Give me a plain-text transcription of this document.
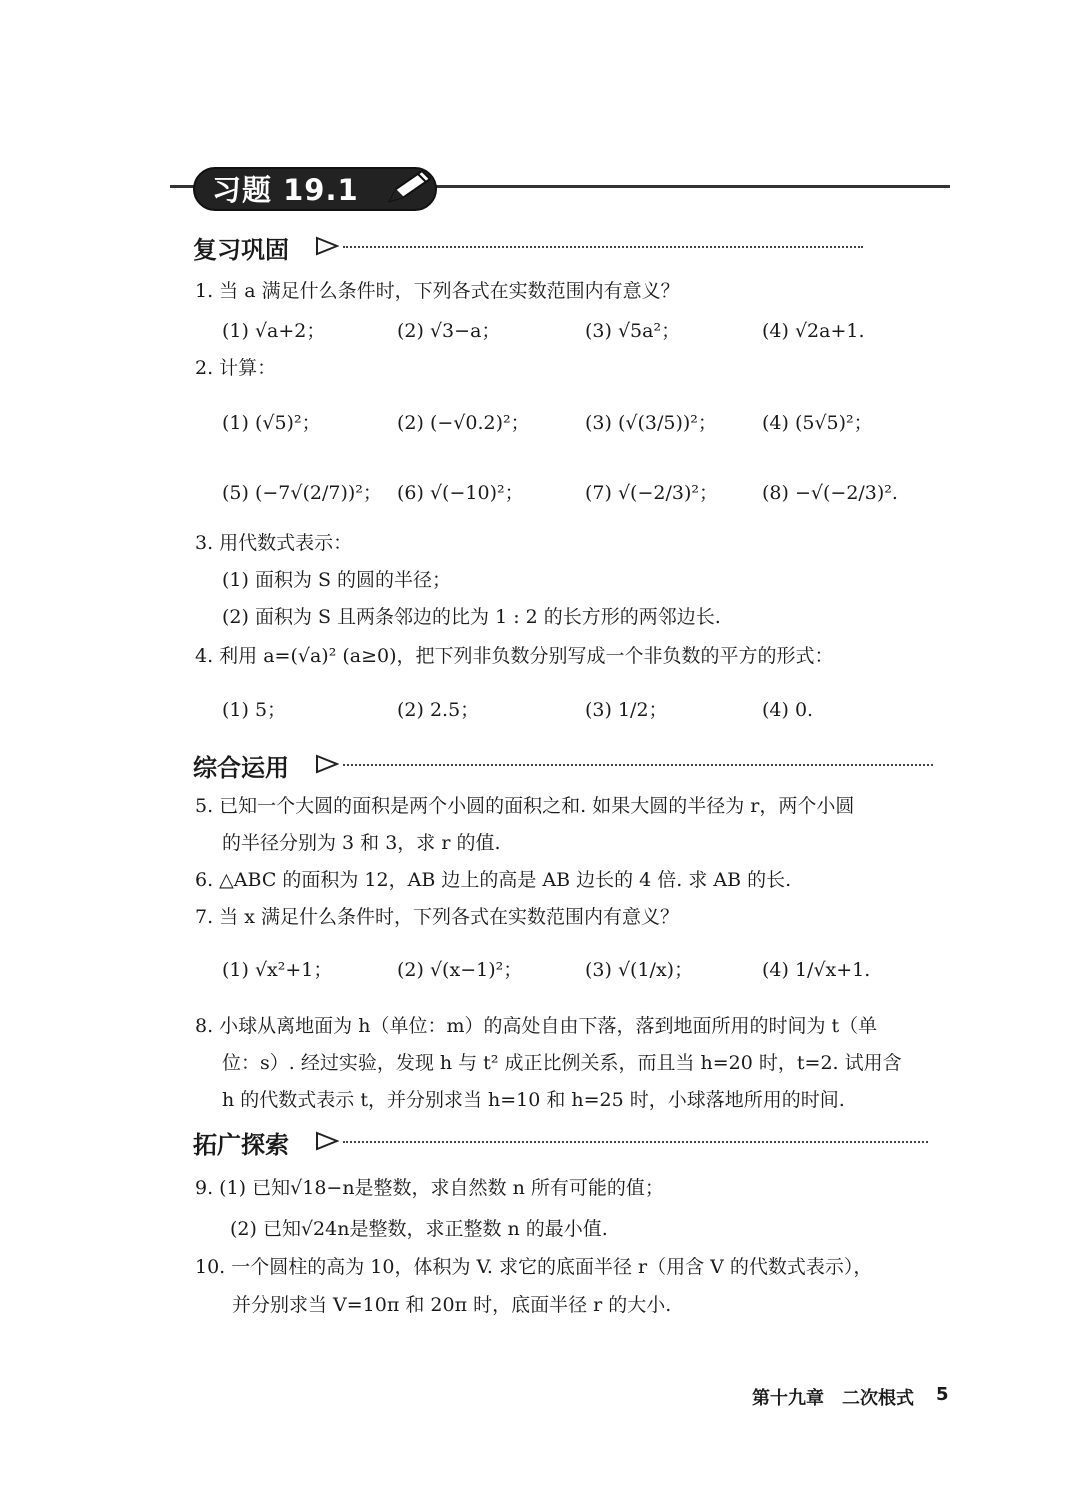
习题 19.1
复习巩固
1. 当 a 满足什么条件时，下列各式在实数范围内有意义？
(1) √a+2；	(2) √3−a；	(3) √5a²；	(4) √2a+1.
2. 计算：
(1) (√5)²；	(2) (−√0.2)²；	(3) (√(3/5))²； (4) (5√5)²；
(5) (−7√(2/7))²； (6) √(−10)²；	(7) √(−2/3)²； (8) −√(−2/3)².
3. 用代数式表示：
(1) 面积为 S 的圆的半径；
(2) 面积为 S 且两条邻边的比为 1 : 2 的长方形的两邻边长.
4. 利用 a=(√a)² (a≥0)，把下列非负数分别写成一个非负数的平方的形式：
(1) 5；	(2) 2.5；	(3) 1/2；	(4) 0.
综合运用
5. 已知一个大圆的面积是两个小圆的面积之和. 如果大圆的半径为 r，两个小圆
的半径分别为 3 和 3，求 r 的值.
6. △ABC 的面积为 12，AB 边上的高是 AB 边长的 4 倍. 求 AB 的长.
7. 当 x 满足什么条件时，下列各式在实数范围内有意义？
(1) √x²+1；	(2) √(x−1)²；	(3) √(1/x)；	(4) 1/√x+1.
8. 小球从离地面为 h（单位：m）的高处自由下落，落到地面所用的时间为 t（单
位：s）. 经过实验，发现 h 与 t² 成正比例关系，而且当 h=20 时，t=2. 试用含
h 的代数式表示 t，并分别求当 h=10 和 h=25 时，小球落地所用的时间.
拓广探索
9. (1) 已知√18−n是整数，求自然数 n 所有可能的值；
(2) 已知√24n是整数，求正整数 n 的最小值.
10. 一个圆柱的高为 10，体积为 V. 求它的底面半径 r（用含 V 的代数式表示），
并分别求当 V=10π 和 20π 时，底面半径 r 的大小.
第十九章　二次根式 5
